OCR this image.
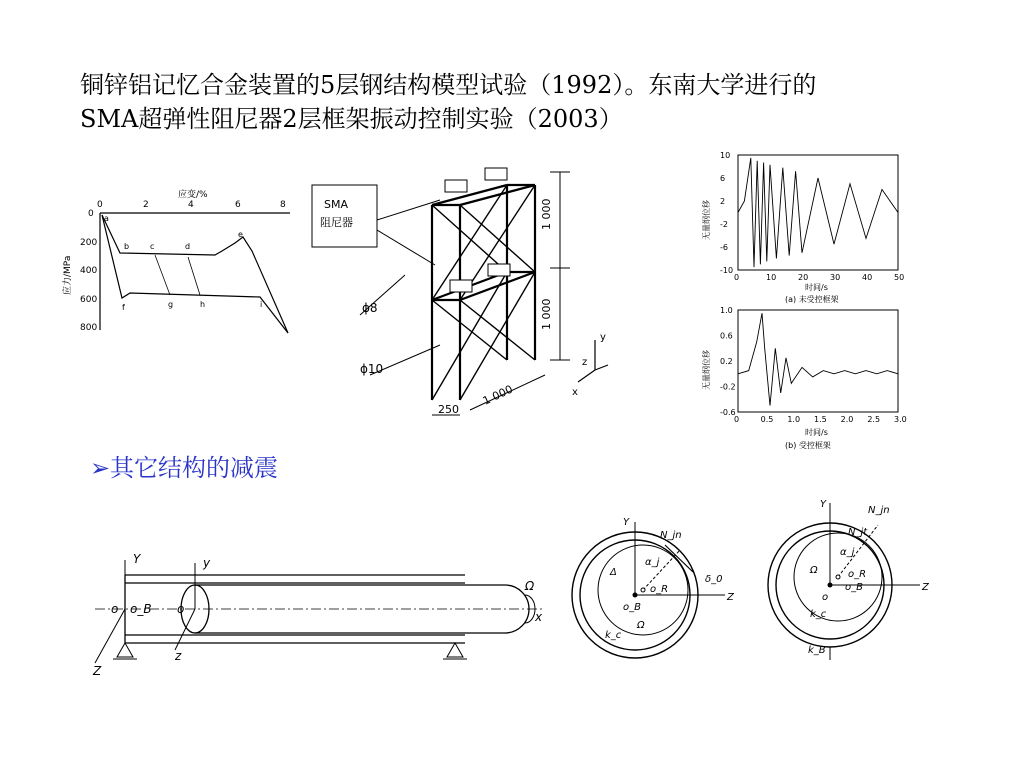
铜锌铝记忆合金装置的5层钢结构模型试验（1992）。东南大学进行的
SMA超弹性阻尼器2层框架振动控制实验（2003）
0	2	4	6	8
应变/%
0
200
400
600
800
应力/MPa
a
b	c	d
e
f	g	h	i
SMA
阻尼器	1 000
1 000
ϕ8
ϕ10
250
1 000
y
z
x
0	10	20	30	40	50
10
6
2
-2
-6
-10
无量纲位移
时间/s
(a) 未受控框架
0	0.5 1.0 1.5 2.0 2.5 3.0
1.0
0.6
0.2
-0.2
-0.6
无量纲位移
时间/s
(b) 受控框架
➢其它结构的减震
Y	y
o o_B o
Ω
x
z
Z
Y
Z
N_jn
α_j
Δ
δ_0
o_R
o_B
Ω
k_c
Y
Z
N_jn
N_jt
α_j
Ω	o_R
o_B
o
k_c
k_B
